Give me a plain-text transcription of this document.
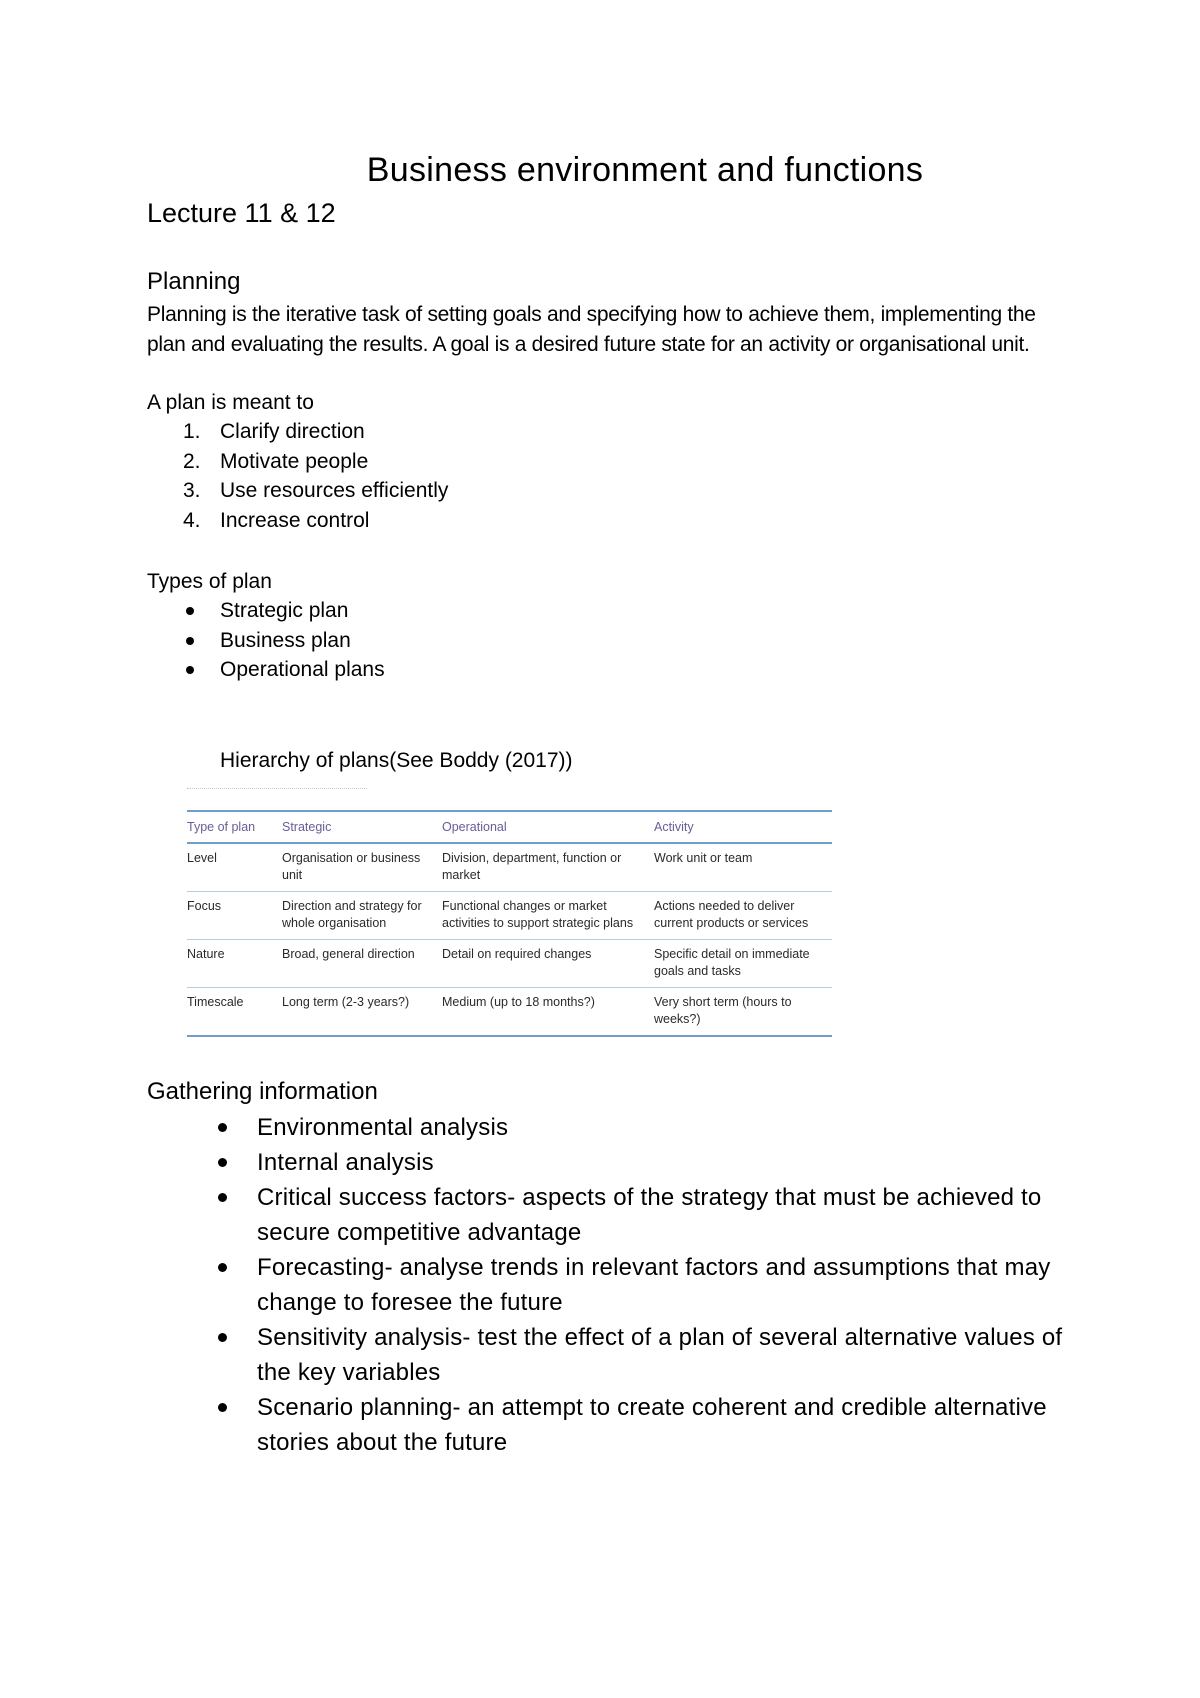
Business environment and functions
Lecture 11 & 12
Planning
Planning is the iterative task of setting goals and specifying how to achieve them, implementing the plan and evaluating the results. A goal is a desired future state for an activity or organisational unit.
A plan is meant to
1. Clarify direction
2. Motivate people
3. Use resources efficiently
4. Increase control
Types of plan
Strategic plan
Business plan
Operational plans
Hierarchy of plans(See Boddy (2017))
Type of plan	Strategic	Operational	Activity
Level	Organisation or business unit	Division, department, function or market	Work unit or team
Focus	Direction and strategy for whole organisation	Functional changes or market activities to support strategic plans	Actions needed to deliver current products or services
Nature	Broad, general direction	Detail on required changes	Specific detail on immediate goals and tasks
Timescale	Long term (2-3 years?)	Medium (up to 18 months?)	Very short term (hours to weeks?)
Gathering information
Environmental analysis
Internal analysis
Critical success factors- aspects of the strategy that must be achieved to secure competitive advantage
Forecasting- analyse trends in relevant factors and assumptions that may change to foresee the future
Sensitivity analysis- test the effect of a plan of several alternative values of the key variables
Scenario planning- an attempt to create coherent and credible alternative stories about the future
